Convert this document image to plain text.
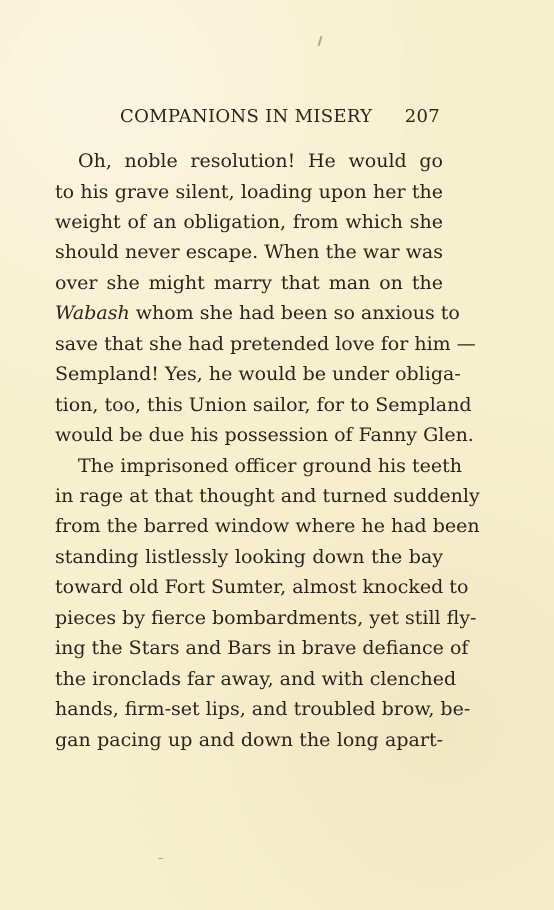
COMPANIONS IN MISERY 207
Oh, noble resolution! He would go
to his grave silent, loading upon her the
weight of an obligation, from which she
should never escape. When the war was
over she might marry that man on the
Wabash whom she had been so anxious to
save that she had pretended love for him —
Sempland! Yes, he would be under obliga-
tion, too, this Union sailor, for to Sempland
would be due his possession of Fanny Glen.
The imprisoned officer ground his teeth
in rage at that thought and turned suddenly
from the barred window where he had been
standing listlessly looking down the bay
toward old Fort Sumter, almost knocked to
pieces by fierce bombardments, yet still fly-
ing the Stars and Bars in brave defiance of
the ironclads far away, and with clenched
hands, firm-set lips, and troubled brow, be-
gan pacing up and down the long apart-
